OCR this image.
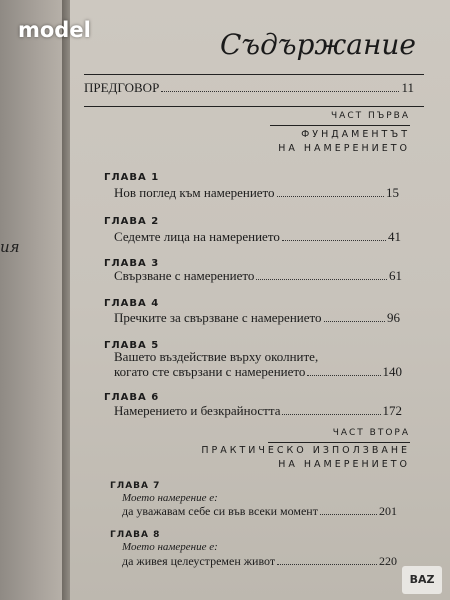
ия
Съдържание
ПРЕДГОВОР	11
ЧАСТ ПЪРВА
ФУНДАМЕНТЪТ
НА НАМЕРЕНИЕТО
ГЛАВА 1
Нов поглед към намерението	15
ГЛАВА 2
Седемте лица на намерението	41
ГЛАВА 3
Свързване с намерението	61
ГЛАВА 4
Пречките за свързване с намерението	96
ГЛАВА 5
Вашето въздействие върху околните,
когато сте свързани с намерението	140
ГЛАВА 6
Намерението и безкрайността	172
ЧАСТ ВТОРА
ПРАКТИЧЕСКО ИЗПОЛЗВАНЕ
НА НАМЕРЕНИЕТО
ГЛАВА 7
Моето намерение е:
да уважавам себе си във всеки момент	201
ГЛАВА 8
Моето намерение е:
да живея целеустремен живот	220
model
BAZ
